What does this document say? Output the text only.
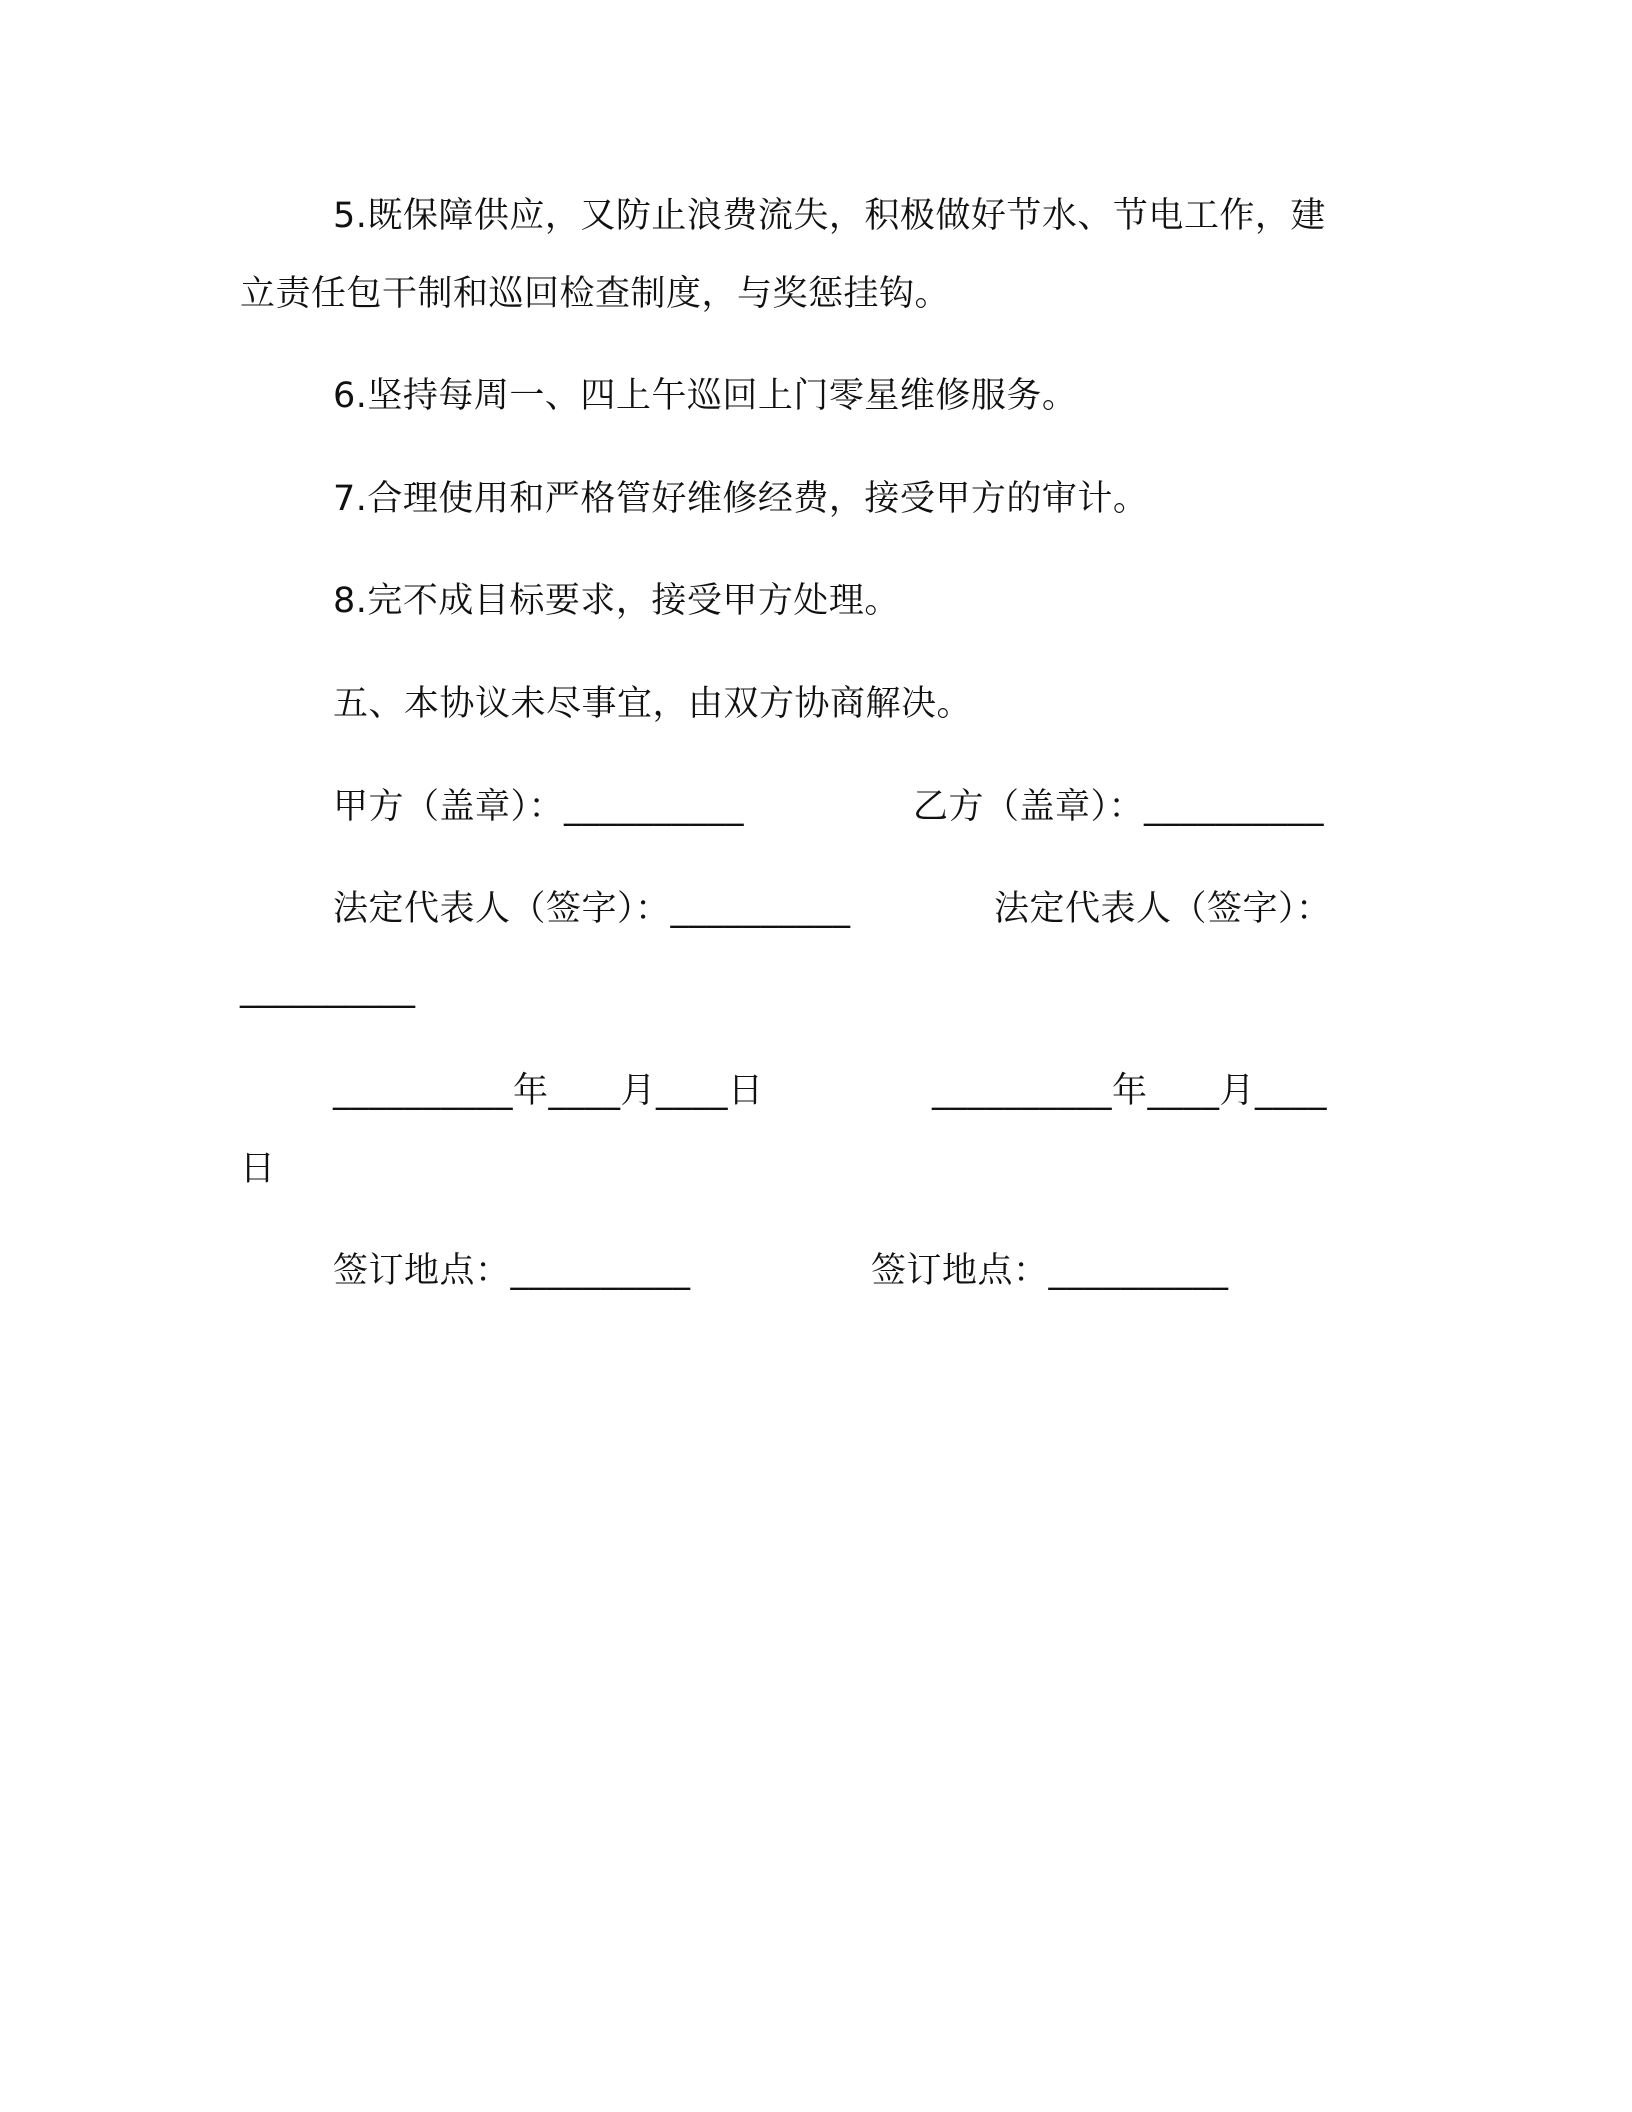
5.既保障供应，又防止浪费流失，积极做好节水、节电工作，建
立责任包干制和巡回检查制度，与奖惩挂钩。
6.坚持每周一、四上午巡回上门零星维修服务。
7.合理使用和严格管好维修经费，接受甲方的审计。
8.完不成目标要求，接受甲方处理。
五、本协议未尽事宜，由双方协商解决。
甲方（盖章）：__________	乙方（盖章）：__________
法定代表人（签字）：__________	法定代表人（签字）：
__________
__________年____月____日	__________年____月____
日
签订地点：__________	签订地点：__________
